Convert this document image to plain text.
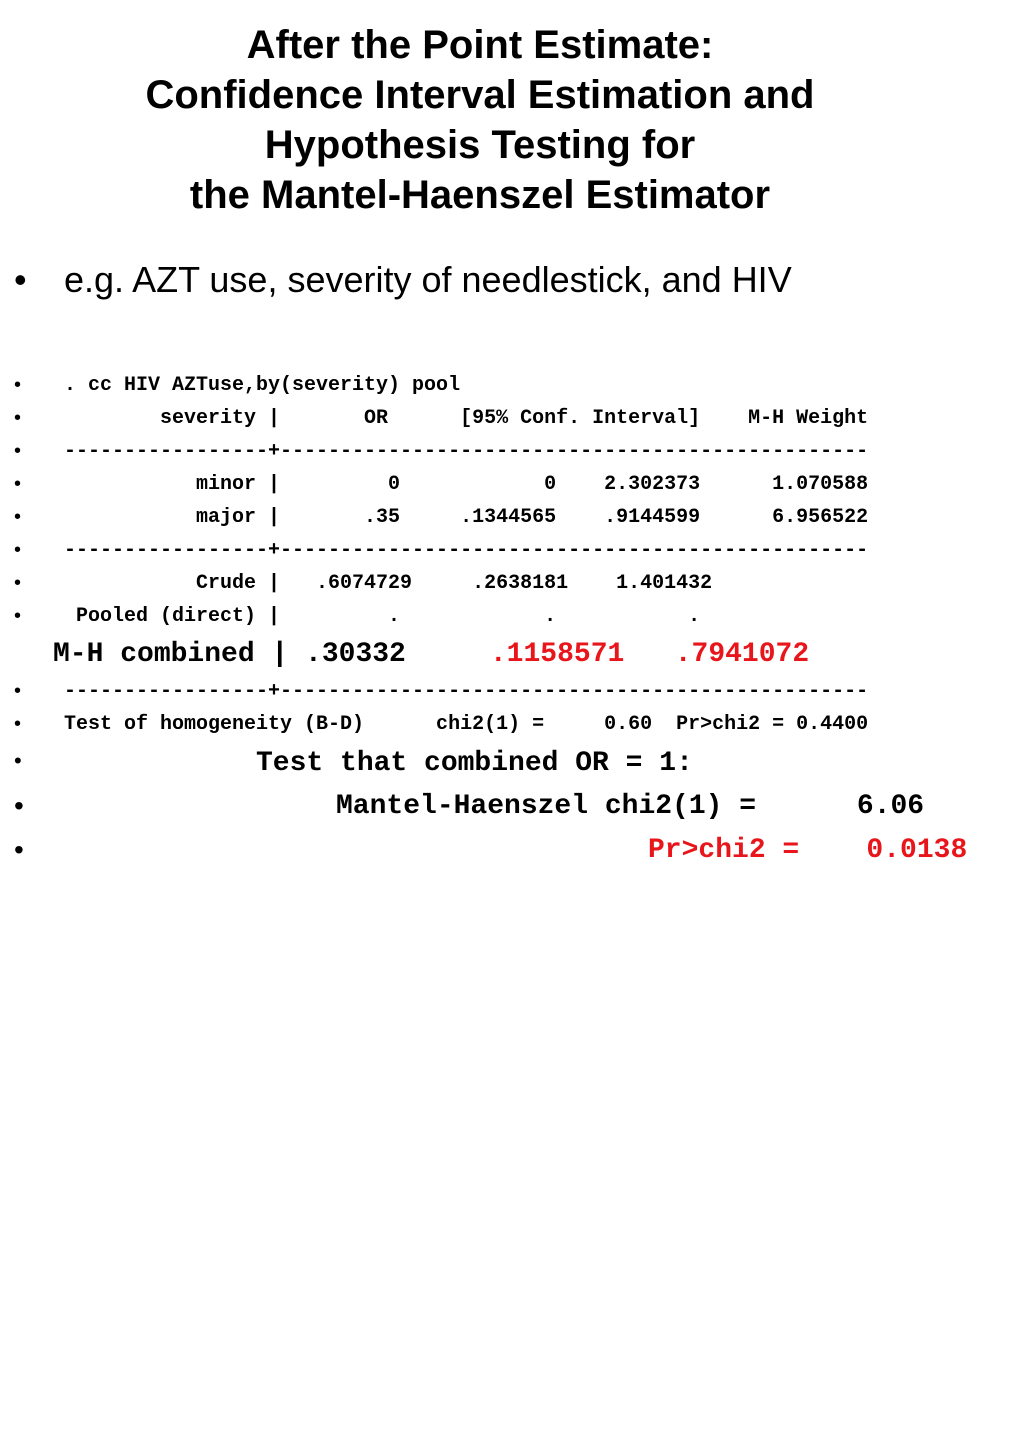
After the Point Estimate:
Confidence Interval Estimation and
Hypothesis Testing for
the Mantel-Haenszel Estimator
• e.g. AZT use, severity of needlestick, and HIV
• . cc HIV AZTuse,by(severity) pool
• severity |       OR      [95% Conf. Interval]    M-H Weight
• -----------------+-------------------------------------------------
• minor |         0            0    2.302373      1.070588
• major |       .35     .1344565    .9144599      6.956522
• -----------------+-------------------------------------------------
• Crude |   .6074729     .2638181    1.401432
• Pooled (direct) |         .            .           .
M-H combined | .30332	.1158571 .7941072
• -----------------+-------------------------------------------------
• Test of homogeneity (B-D)      chi2(1) =     0.60  Pr>chi2 = 0.4400
•	Test that combined OR = 1:
•	Mantel-Haenszel chi2(1) =      6.06
•	Pr>chi2 =    0.0138
